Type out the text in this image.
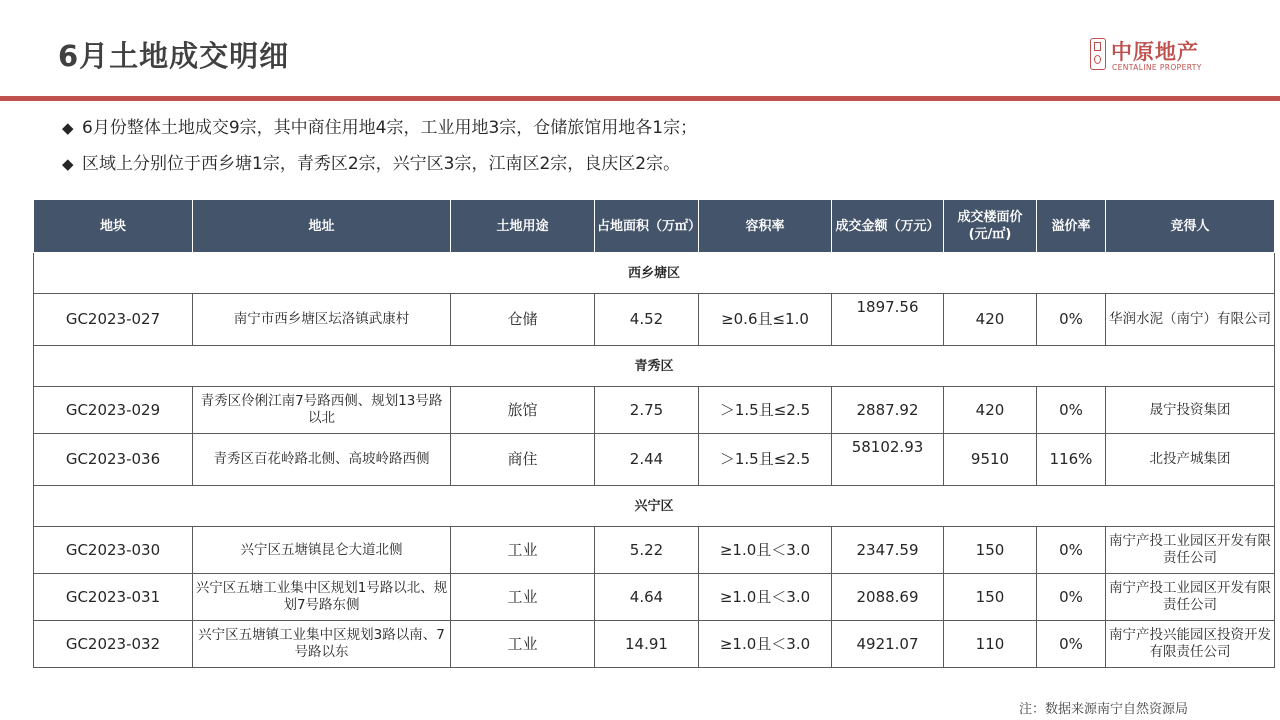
6月土地成交明细	中原地产
CENTALINE PROPERTY
◆ 6月份整体土地成交9宗，其中商住用地4宗，工业用地3宗，仓储旅馆用地各1宗；
◆ 区域上分别位于西乡塘1宗，青秀区2宗，兴宁区3宗，江南区2宗，良庆区2宗。
地块	地址	土地用途	占地面积（万㎡）	容积率	成交金额（万元）	成交楼面价(元/㎡)	溢价率	竞得人
西乡塘区								
GC2023-027	南宁市西乡塘区坛洛镇武康村	仓储	4.52	≥0.6且≤1.0	1897.56	420	0%	华润水泥（南宁）有限公司
青秀区								
GC2023-029	青秀区伶俐江南7号路西侧、规划13号路以北	旅馆	2.75	＞1.5且≤2.5	2887.92	420	0%	晟宁投资集团
GC2023-036	青秀区百花岭路北侧、高坡岭路西侧	商住	2.44	＞1.5且≤2.5	58102.93	9510	116%	北投产城集团
兴宁区								
GC2023-030	兴宁区五塘镇昆仑大道北侧	工业	5.22	≥1.0且＜3.0	2347.59	150	0%	南宁产投工业园区开发有限责任公司
GC2023-031	兴宁区五塘工业集中区规划1号路以北、规划7号路东侧	工业	4.64	≥1.0且＜3.0	2088.69	150	0%	南宁产投工业园区开发有限责任公司
GC2023-032	兴宁区五塘镇工业集中区规划3路以南、7号路以东	工业	14.91	≥1.0且＜3.0	4921.07	110	0%	南宁产投兴能园区投资开发有限责任公司
注：数据来源南宁自然资源局
